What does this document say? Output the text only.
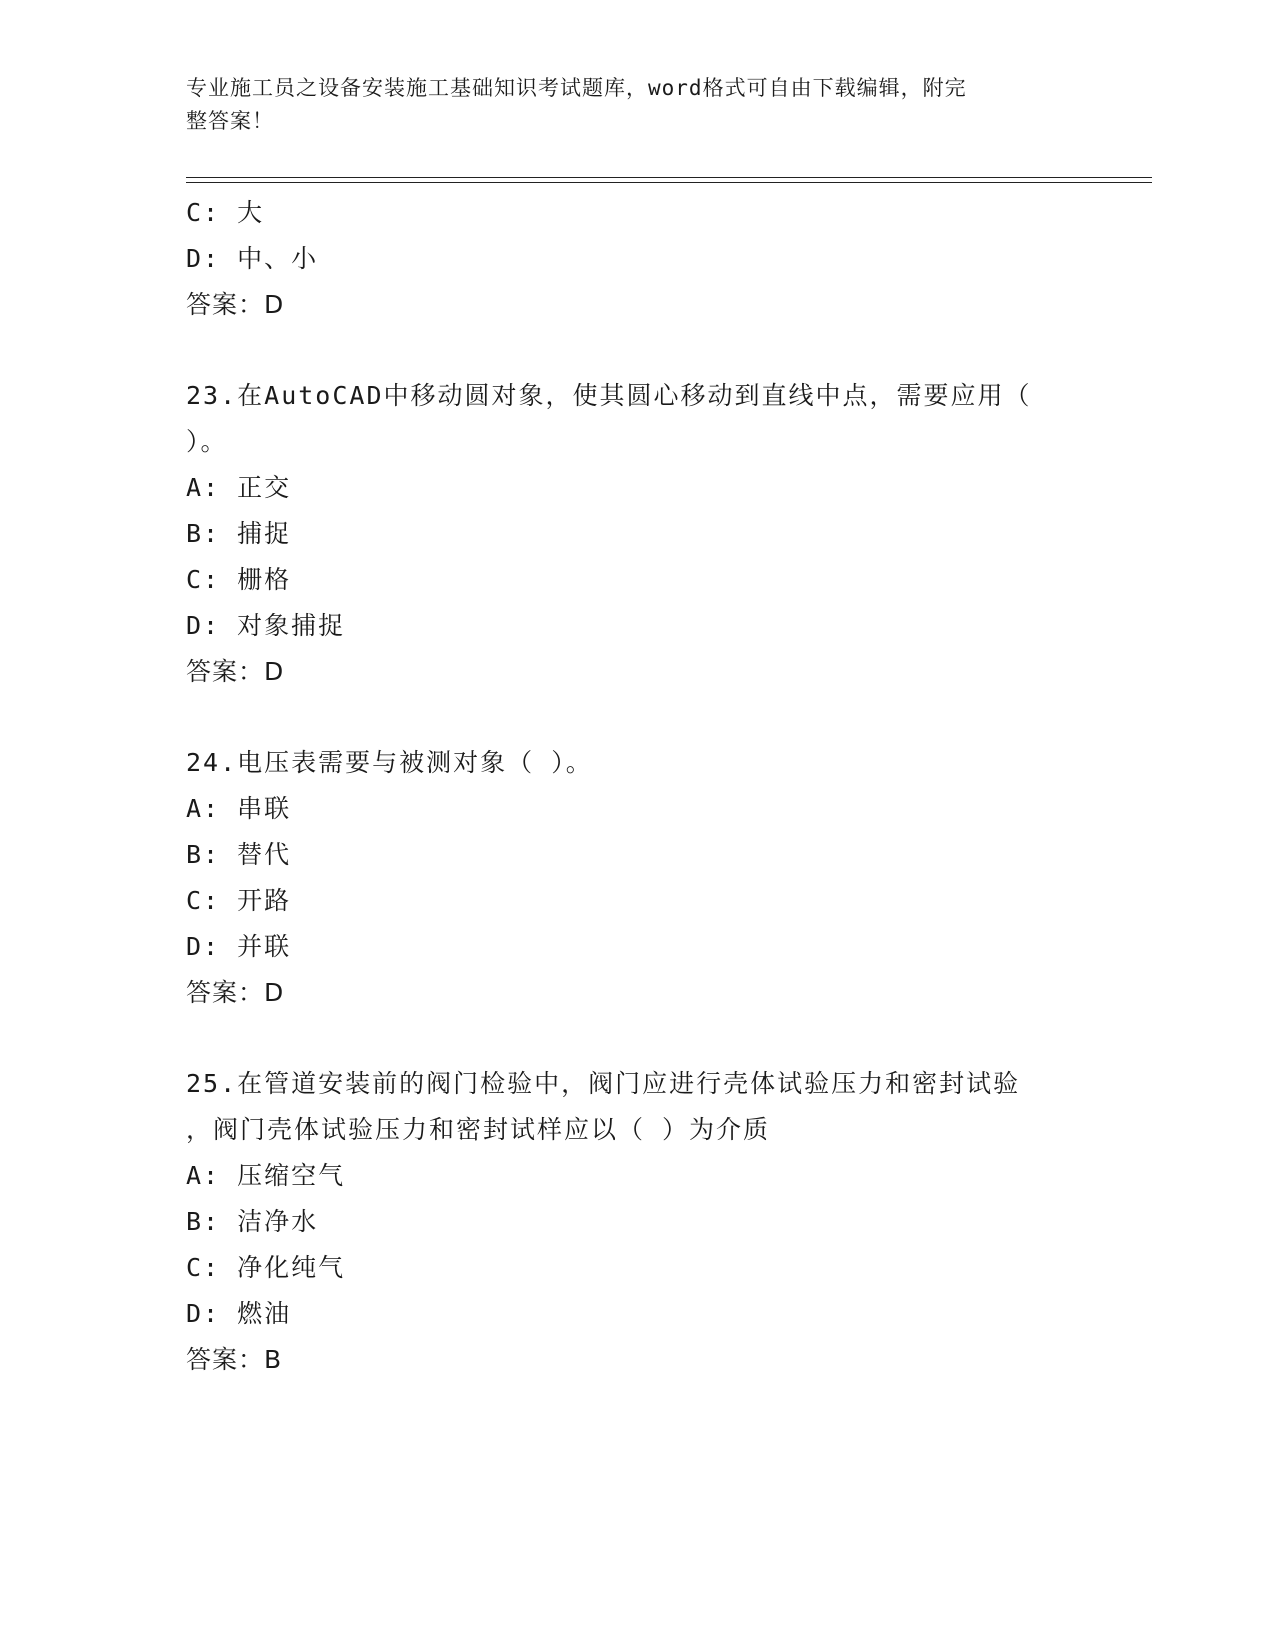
专业施工员之设备安装施工基础知识考试题库，word格式可自由下载编辑，附完
整答案！
C: 大
D: 中、小
答案：D
23.在AutoCAD中移动圆对象，使其圆心移动到直线中点，需要应用（
）。
A: 正交
B: 捕捉
C: 栅格
D: 对象捕捉
答案：D
24.电压表需要与被测对象（ ）。
A: 串联
B: 替代
C: 开路
D: 并联
答案：D
25.在管道安装前的阀门检验中，阀门应进行壳体试验压力和密封试验
，阀门壳体试验压力和密封试样应以（ ）为介质
A: 压缩空气
B: 洁净水
C: 净化纯气
D: 燃油
答案：B
